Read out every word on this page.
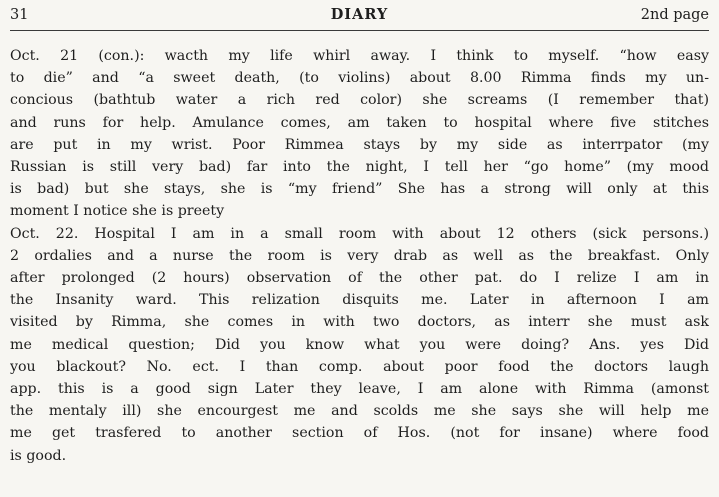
31	DIARY	2nd page
Oct. 21 (con.): wacth my life whirl away. I think to myself. “how easy
to die” and “a sweet death, (to violins) about 8.00 Rimma finds my un-
concious (bathtub water a rich red color) she screams (I remember that)
and runs for help. Amulance comes, am taken to hospital where five stitches
are put in my wrist. Poor Rimmea stays by my side as interrpator (my
Russian is still very bad) far into the night, I tell her “go home” (my mood
is bad) but she stays, she is “my friend” She has a strong will only at this
moment I notice she is preety
Oct. 22. Hospital I am in a small room with about 12 others (sick persons.)
2 ordalies and a nurse the room is very drab as well as the breakfast. Only
after prolonged (2 hours) observation of the other pat. do I relize I am in
the Insanity ward. This relization disquits me. Later in afternoon I am
visited by Rimma, she comes in with two doctors, as interr she must ask
me medical question; Did you know what you were doing? Ans. yes Did
you blackout? No. ect. I than comp. about poor food the doctors laugh
app. this is a good sign Later they leave, I am alone with Rimma (amonst
the mentaly ill) she encourgest me and scolds me she says she will help me
me get trasfered to another section of Hos. (not for insane) where food
is good.
